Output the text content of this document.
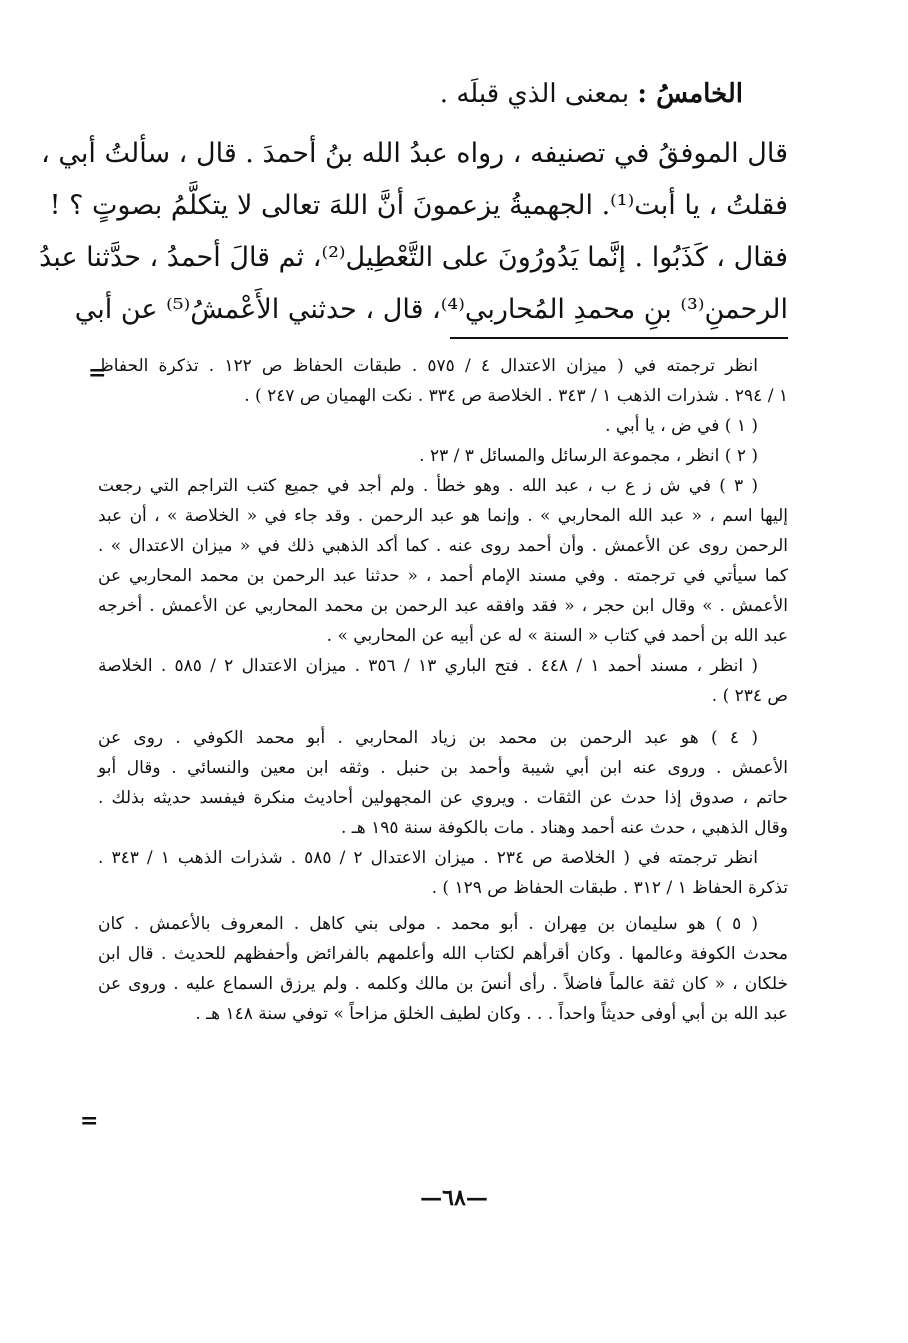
الخامسُ : بمعنى الذي قبلَه .
قال الموفقُ في تصنيفه ، رواه عبدُ الله بنُ أحمدَ . قال ، سألتُ أبي ،
فقلتُ ، يا أبت⁽¹⁾. الجهميةُ يزعمونَ أنَّ اللهَ تعالى لا يتكلَّمُ بصوتٍ ؟ !
فقال ، كَذَبُوا . إنَّما يَدُورُونَ على التَّعْطِيل⁽²⁾، ثم قالَ أحمدُ ، حدَّثنا عبدُ
الرحمنِ⁽³⁾ بنِ محمدِ المُحاربي⁽⁴⁾، قال ، حدثني الأَعْمشُ⁽⁵⁾ عن أبي
=
انظر ترجمته في ( ميزان الاعتدال ٤ / ٥٧٥ . طبقات الحفاظ ص ١٢٢ . تذكرة الحفاظ
١ / ٢٩٤ . شذرات الذهب ١ / ٣٤٣ . الخلاصة ص ٣٣٤ . نكت الهميان ص ٢٤٧ ) .
( ١ ) في ض ، يا أبي .
( ٢ ) انظر ، مجموعة الرسائل والمسائل ٣ / ٢٣ .
( ٣ ) في ش ز ع ب ، عبد الله . وهو خطأ . ولم أجد في جميع كتب التراجم التي رجعت
إليها اسم ، « عبد الله المحاربي » . وإنما هو عبد الرحمن . وقد جاء في « الخلاصة » ، أن عبد
الرحمن روى عن الأعمش . وأن أحمد روى عنه . كما أكد الذهبي ذلك في « ميزان الاعتدال » .
كما سيأتي في ترجمته . وفي مسند الإمام أحمد ، « حدثنا عبد الرحمن بن محمد المحاربي عن
الأعمش . » وقال ابن حجر ، « فقد وافقه عبد الرحمن بن محمد المحاربي عن الأعمش . أخرجه
عبد الله بن أحمد في كتاب « السنة » له عن أبيه عن المحاربي » .
( انظر ، مسند أحمد ١ / ٤٤٨ . فتح الباري ١٣ / ٣٥٦ . ميزان الاعتدال ٢ / ٥٨٥ . الخلاصة
ص ٢٣٤ ) .
( ٤ ) هو عبد الرحمن بن محمد بن زياد المحاربي . أبو محمد الكوفي . روى عن
الأعمش . وروى عنه ابن أبي شيبة وأحمد بن حنبل . وثقه ابن معين والنسائي . وقال أبو
حاتم ، صدوق إذا حدث عن الثقات . ويروي عن المجهولين أحاديث منكرة فيفسد حديثه بذلك .
وقال الذهبي ، حدث عنه أحمد وهناد . مات بالكوفة سنة ١٩٥ هـ .
انظر ترجمته في ( الخلاصة ص ٢٣٤ . ميزان الاعتدال ٢ / ٥٨٥ . شذرات الذهب ١ / ٣٤٣ .
تذكرة الحفاظ ١ / ٣١٢ . طبقات الحفاظ ص ١٢٩ ) .
( ٥ ) هو سليمان بن مِهران . أبو محمد . مولى بني كاهل . المعروف بالأعمش . كان
محدث الكوفة وعالمها . وكان أقرأهم لكتاب الله وأعلمهم بالفرائض وأحفظهم للحديث . قال ابن
خلكان ، « كان ثقة عالماً فاضلاً . رأى أنسَ بن مالك وكلمه . ولم يرزق السماع عليه . وروى عن
عبد الله بن أبي أوفى حديثاً واحداً . . . وكان لطيف الخلق مزاحاً » توفي سنة ١٤٨ هـ .
=
—٦٨—
